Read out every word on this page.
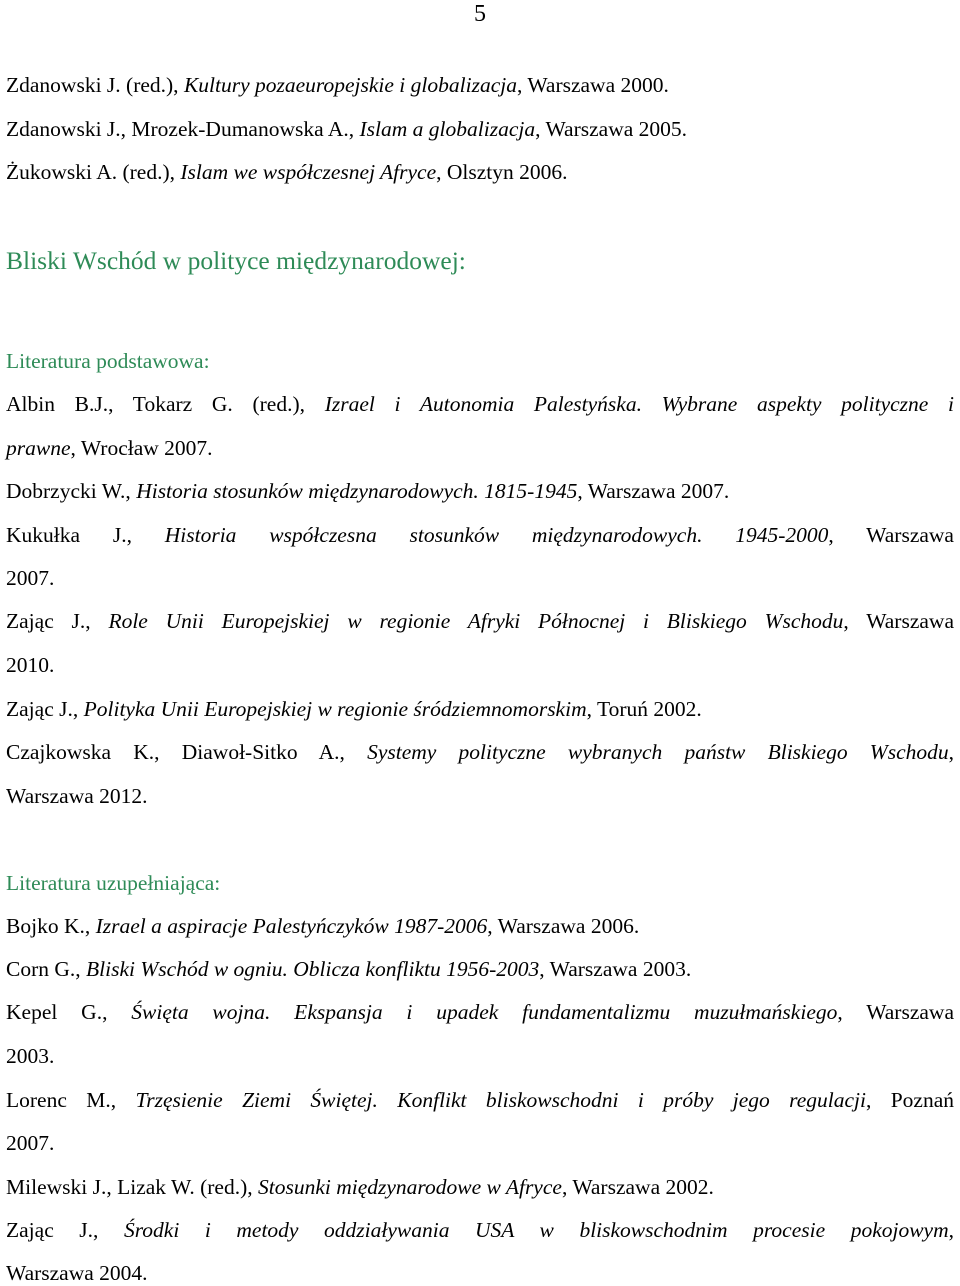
5
Zdanowski J. (red.), Kultury pozaeuropejskie i globalizacja, Warszawa 2000.
Zdanowski J., Mrozek-Dumanowska A., Islam a globalizacja, Warszawa 2005.
Żukowski A. (red.), Islam we współczesnej Afryce, Olsztyn 2006.
Bliski Wschód w polityce międzynarodowej:
Literatura podstawowa:
Albin B.J., Tokarz G. (red.), Izrael i Autonomia Palestyńska. Wybrane aspekty polityczne i
prawne, Wrocław 2007.
Dobrzycki W., Historia stosunków międzynarodowych. 1815-1945, Warszawa 2007.
Kukułka J., Historia współczesna stosunków międzynarodowych. 1945-2000, Warszawa
2007.
Zając J., Role Unii Europejskiej w regionie Afryki Północnej i Bliskiego Wschodu, Warszawa
2010.
Zając J., Polityka Unii Europejskiej w regionie śródziemnomorskim, Toruń 2002.
Czajkowska K., Diawoł-Sitko A., Systemy polityczne wybranych państw Bliskiego Wschodu,
Warszawa 2012.
Literatura uzupełniająca:
Bojko K., Izrael a aspiracje Palestyńczyków 1987-2006, Warszawa 2006.
Corn G., Bliski Wschód w ogniu. Oblicza konfliktu 1956-2003, Warszawa 2003.
Kepel G., Święta wojna. Ekspansja i upadek fundamentalizmu muzułmańskiego, Warszawa
2003.
Lorenc M., Trzęsienie Ziemi Świętej. Konflikt bliskowschodni i próby jego regulacji, Poznań
2007.
Milewski J., Lizak W. (red.), Stosunki międzynarodowe w Afryce, Warszawa 2002.
Zając J., Środki i metody oddziaływania USA w bliskowschodnim procesie pokojowym,
Warszawa 2004.
